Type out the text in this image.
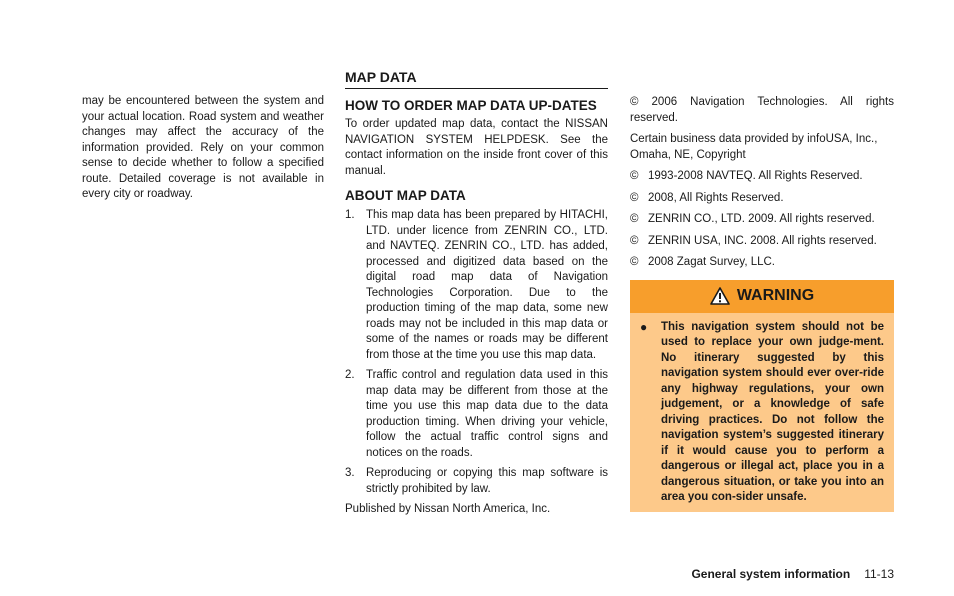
may be encountered between the system and your actual location. Road system and weather changes may affect the accuracy of the information provided. Rely on your common sense to decide whether to follow a specified route. Detailed coverage is not available in every city or roadway.

MAP DATA
HOW TO ORDER MAP DATA UP-DATES

To order updated map data, contact the NISSAN NAVIGATION SYSTEM HELPDESK. See the contact information on the inside front cover of this manual.

ABOUT MAP DATA
1. This map data has been prepared by HITACHI, LTD. under licence from ZENRIN CO., LTD. and NAVTEQ. ZENRIN CO., LTD. has added, processed and digitized data based on the digital road map data of Navigation Technologies Corporation. Due to the production timing of the map data, some new roads may not be included in this map data or some of the names or roads may be different from those at the time you use this map data.
2. Traffic control and regulation data used in this map data may be different from those at the time you use this map data due to the data production timing. When driving your vehicle, follow the actual traffic control signs and notices on the roads.
3. Reproducing or copying this map software is strictly prohibited by law.

Published by Nissan North America, Inc.

© 2006 Navigation Technologies. All rights reserved.

Certain business data provided by infoUSA, Inc., Omaha, NE, Copyright

© 1993-2008 NAVTEQ. All Rights Reserved.
© 2008, All Rights Reserved.
© ZENRIN CO., LTD. 2009. All rights reserved.
© ZENRIN USA, INC. 2008. All rights reserved.
© 2008 Zagat Survey, LLC.
WARNING
●	This navigation system should not be used to replace your own judge-ment. No itinerary suggested by this navigation system should ever over-ride any highway regulations, your own judgement, or a knowledge of safe driving practices. Do not follow the navigation system’s suggested itinerary if it would cause you to perform a dangerous or illegal act, place you in a dangerous situation, or take you into an area you con-sider unsafe.
General system information 11-13
